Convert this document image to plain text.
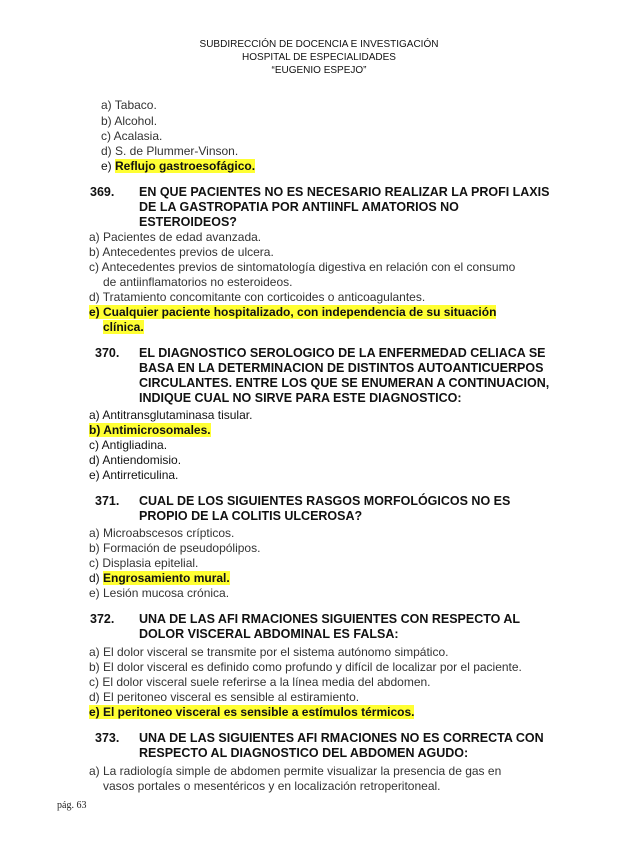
SUBDIRECCIÓN DE DOCENCIA E INVESTIGACIÓN
HOSPITAL DE ESPECIALIDADES
“EUGENIO ESPEJO”
a) Tabaco.
b) Alcohol.
c) Acalasia.
d) S. de Plummer-Vinson.
e) Reflujo gastroesofágico.
369. EN QUE PACIENTES NO ES NECESARIO REALIZAR LA PROFI LAXIS DE LA GASTROPATIA POR ANTIINFL AMATORIOS NO ESTEROIDEOS?
a) Pacientes de edad avanzada.
b) Antecedentes previos de ulcera.
c) Antecedentes previos de sintomatología digestiva en relación con el consumo
de antiinflamatorios no esteroideos.
d) Tratamiento concomitante con corticoides o anticoagulantes.
e) Cualquier paciente hospitalizado, con independencia de su situación
clínica.
370. EL DIAGNOSTICO SEROLOGICO DE LA ENFERMEDAD CELIACA SE BASA EN LA DETERMINACION DE DISTINTOS AUTOANTICUERPOS CIRCULANTES. ENTRE LOS QUE SE ENUMERAN A CONTINUACION, INDIQUE CUAL NO SIRVE PARA ESTE DIAGNOSTICO:
a) Antitransglutaminasa tisular.
b) Antimicrosomales.
c) Antigliadina.
d) Antiendomisio.
e) Antirreticulina.
371. CUAL DE LOS SIGUIENTES RASGOS MORFOLÓGICOS NO ES PROPIO DE LA COLITIS ULCEROSA?
a) Microabscesos crípticos.
b) Formación de pseudopólipos.
c) Displasia epitelial.
d) Engrosamiento mural.
e) Lesión mucosa crónica.
372. UNA DE LAS AFI RMACIONES SIGUIENTES CON RESPECTO AL DOLOR VISCERAL ABDOMINAL ES FALSA:
a) El dolor visceral se transmite por el sistema autónomo simpático.
b) El dolor visceral es definido como profundo y difícil de localizar por el paciente.
c) El dolor visceral suele referirse a la línea media del abdomen.
d) El peritoneo visceral es sensible al estiramiento.
e) El peritoneo visceral es sensible a estímulos térmicos.
373. UNA DE LAS SIGUIENTES AFI RMACIONES NO ES CORRECTA CON RESPECTO AL DIAGNOSTICO DEL ABDOMEN AGUDO:
a) La radiología simple de abdomen permite visualizar la presencia de gas en
vasos portales o mesentéricos y en localización retroperitoneal.
pág. 63
